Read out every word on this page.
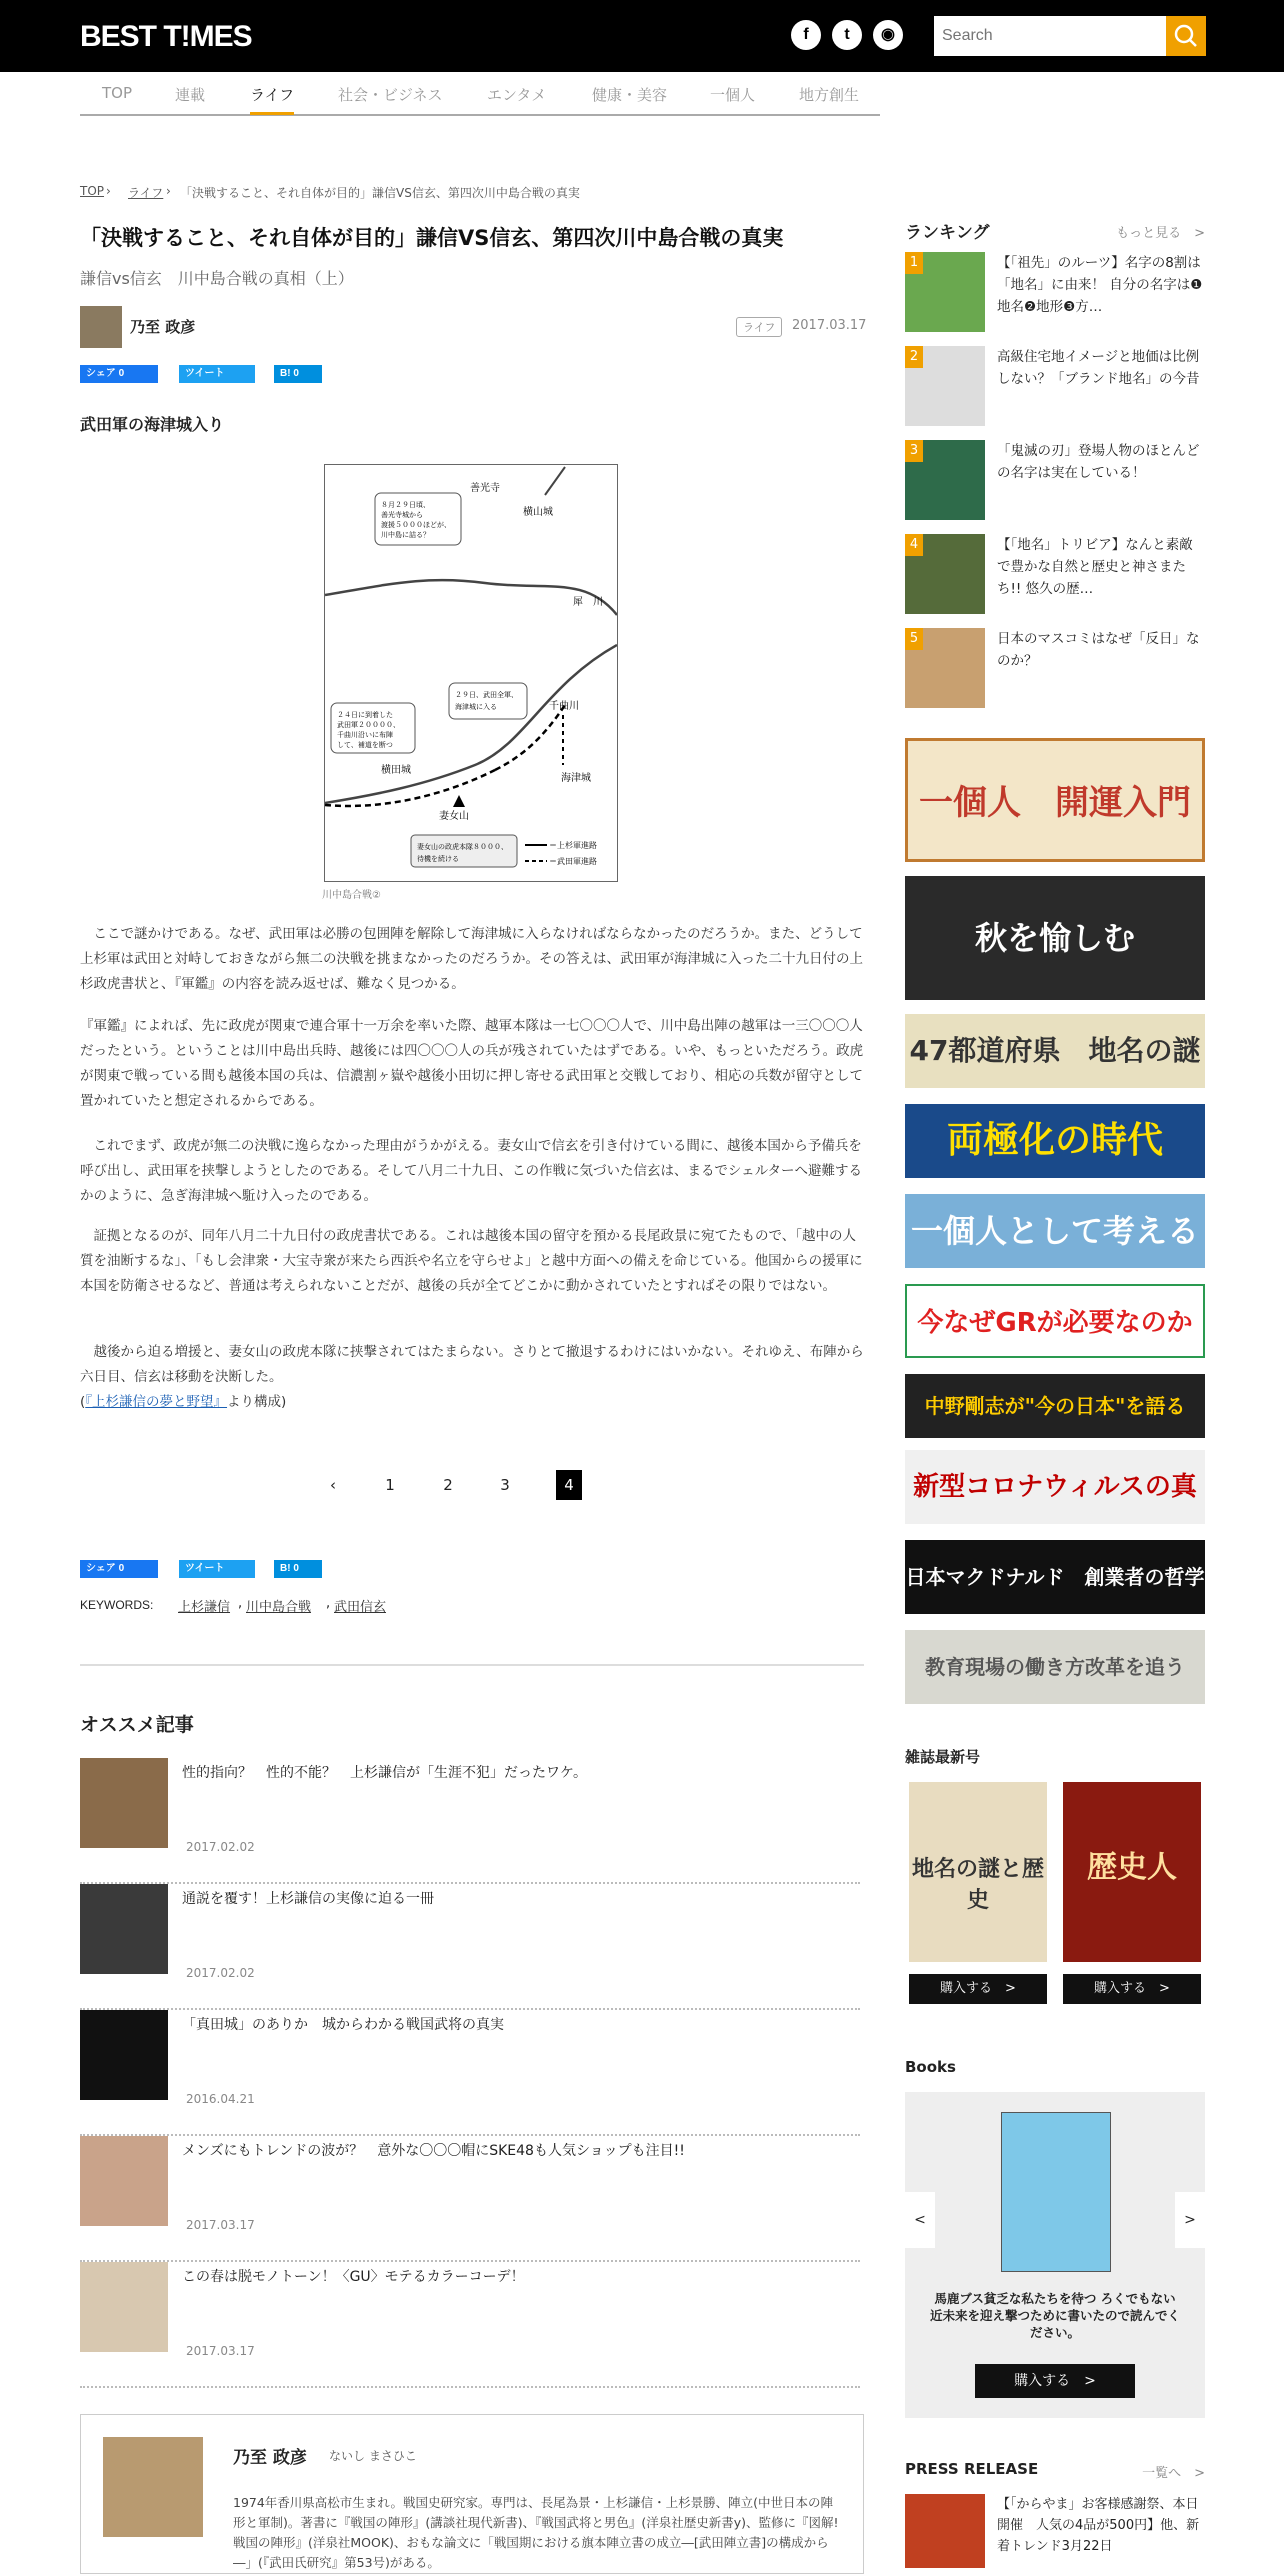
BEST T!MES	f	t	◉
Search
TOP	連載	ライフ	社会・ビジネス	エンタメ	健康・美容	一個人	地方創生
TOP › ライフ › 「決戦すること、それ自体が目的」謙信VS信玄、第四次川中島合戦の真実
「決戦すること、それ自体が目的」謙信VS信玄、第四次川中島合戦の真実
謙信vs信玄　川中島合戦の真相（上）
乃至 政彦	ライフ	2017.03.17
シェア 0	ツイート	B! 0
武田軍の海津城入り
善光寺
横山城
８月２９日頃、
善光寺城から
渡援５０００ほどが、
川中島に詰る？
犀　川
２９日、武田全軍、
海津城に入る	千曲川
２４日に到着した
武田軍２００００、
千曲川沿いに布陣
して、補道を断つ
横田城
海津城
妻女山
妻女山の政虎本隊８０００、
待機を続ける
＝上杉軍進路
＝武田軍進路
川中島合戦②

　ここで謎かけである。なぜ、武田軍は必勝の包囲陣を解除して海津城に入らなければならなかったのだろうか。また、どうして上杉軍は武田と対峙しておきながら無二の決戦を挑まなかったのだろうか。その答えは、武田軍が海津城に入った二十九日付の上杉政虎書状と、『軍鑑』の内容を読み返せば、難なく見つかる。

『軍鑑』によれば、先に政虎が関東で連合軍十一万余を率いた際、越軍本隊は一七〇〇〇人で、川中島出陣の越軍は一三〇〇〇人だったという。ということは川中島出兵時、越後には四〇〇〇人の兵が残されていたはずである。いや、もっといただろう。政虎が関東で戦っている間も越後本国の兵は、信濃割ヶ嶽や越後小田切に押し寄せる武田軍と交戦しており、相応の兵数が留守として置かれていたと想定されるからである。

　これでまず、政虎が無二の決戦に逸らなかった理由がうかがえる。妻女山で信玄を引き付けている間に、越後本国から予備兵を呼び出し、武田軍を挟撃しようとしたのである。そして八月二十九日、この作戦に気づいた信玄は、まるでシェルターへ避難するかのように、急ぎ海津城へ駈け入ったのである。

　証拠となるのが、同年八月二十九日付の政虎書状である。これは越後本国の留守を預かる長尾政景に宛てたもので、「越中の人質を油断するな」、「もし会津衆・大宝寺衆が来たら西浜や名立を守らせよ」と越中方面への備えを命じている。他国からの援軍に本国を防衛させるなど、普通は考えられないことだが、越後の兵が全てどこかに動かされていたとすればその限りではない。

　越後から迫る増援と、妻女山の政虎本隊に挟撃されてはたまらない。さりとて撤退するわけにはいかない。それゆえ、布陣から六日目、信玄は移動を決断した。

(『上杉謙信の夢と野望』より構成)
‹	1	2	3	4
シェア 0	ツイート	B! 0
KEYWORDS: 上杉謙信 , 川中島合戦 , 武田信玄
オススメ記事
性的指向？　性的不能？　上杉謙信が「生涯不犯」だったワケ。
2017.02.02
通説を覆す！上杉謙信の実像に迫る一冊
2017.02.02
「真田城」のありか　城からわかる戦国武将の真実
2016.04.21
メンズにもトレンドの波が？　意外な〇〇〇帽にSKE48も人気ショップも注目!!
2017.03.17
この春は脱モノトーン！〈GU〉モテるカラーコーデ！
2017.03.17
乃至 政彦 ないし まさひこ

1974年香川県高松市生まれ。戦国史研究家。専門は、長尾為景・上杉謙信・上杉景勝、陣立(中世日本の陣形と軍制)。著書に『戦国の陣形』(講談社現代新書)、『戦国武将と男色』(洋泉社歴史新書y)、監修に『図解! 戦国の陣形』(洋泉社MOOK)、おもな論文に「戦国期における旗本陣立書の成立―[武田陣立書]の構成から―」(『武田氏研究』第53号)がある。

ランキング	もっと見る　>
1	【「祖先」のルーツ】名字の8割は「地名」に由来！ 自分の名字は❶地名❷地形❸方…
2	高級住宅地イメージと地価は比例しない？「ブランド地名」の今昔
3	「鬼滅の刃」登場人物のほとんどの名字は実在している！
4	【「地名」トリビア】なんと素敵で豊かな自然と歴史と神さまたち!! 悠久の歴…
5	日本のマスコミはなぜ「反日」なのか？
一個人　開運入門
秋を愉しむ
47都道府県　地名の謎
両極化の時代
一個人として考える
今なぜGRが必要なのか
中野剛志が"今の日本"を語る
新型コロナウィルスの真
日本マクドナルド　創業者の哲学
教育現場の働き方改革を追う
雑誌最新号
地名の謎と歴史
歴史人
購入する　>	購入する　>
Books
<	>

馬鹿ブス貧乏な私たちを待つ ろくでもない近未来を迎え撃つために書いたので読んでください。

購入する　>
PRESS RELEASE	一覧へ　>
【「からやま」お客様感謝祭、本日開催　人気の4品が500円】他、新着トレンド3月22日
